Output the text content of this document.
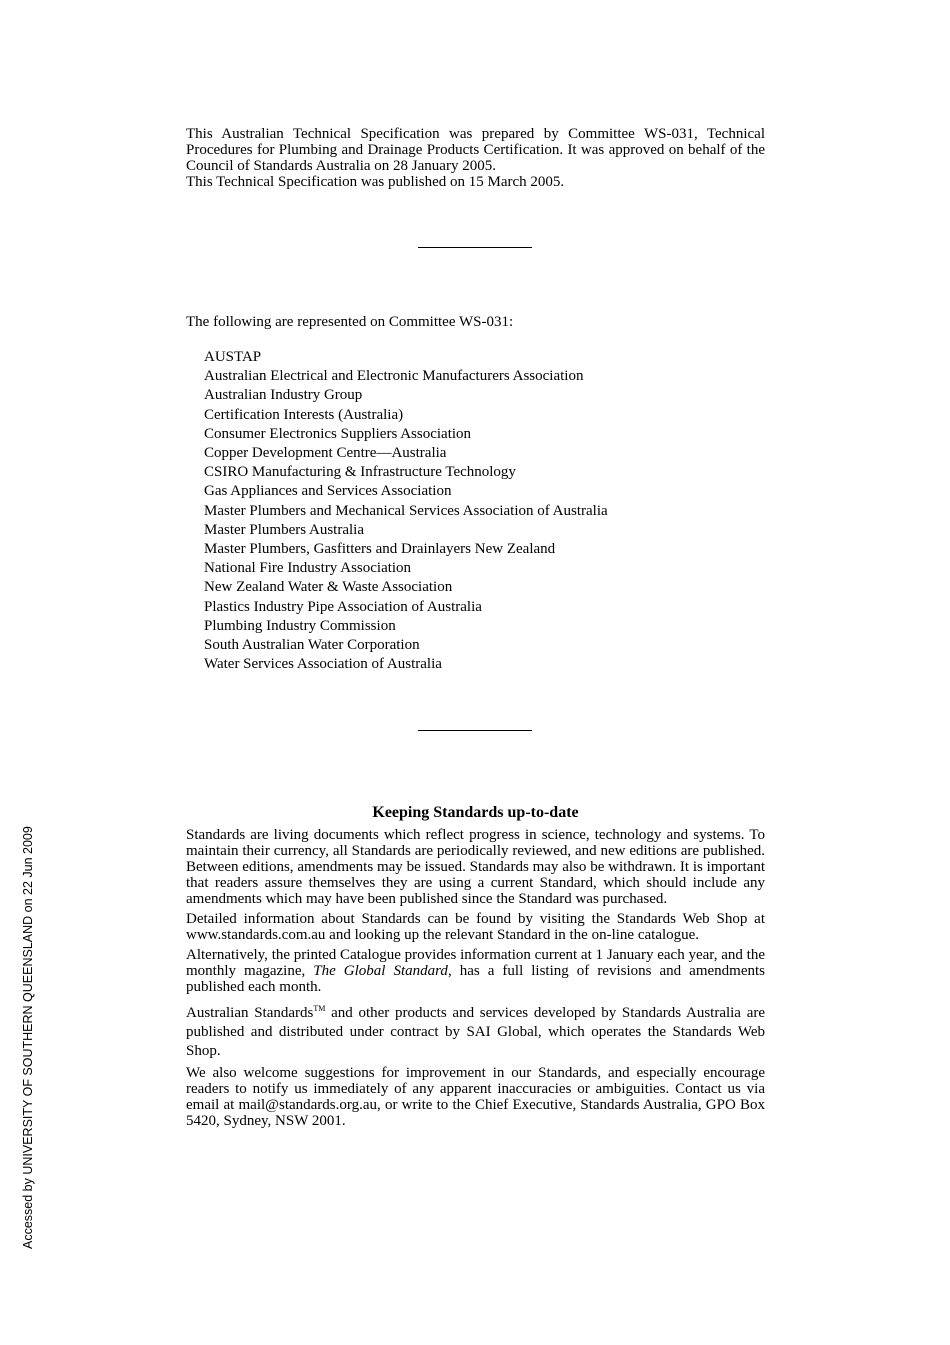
This Australian Technical Specification was prepared by Committee WS-031, Technical Procedures for Plumbing and Drainage Products Certification. It was approved on behalf of the Council of Standards Australia on 28 January 2005.

This Technical Specification was published on 15 March 2005.

The following are represented on Committee WS-031:
AUSTAP
Australian Electrical and Electronic Manufacturers Association
Australian Industry Group
Certification Interests (Australia)
Consumer Electronics Suppliers Association
Copper Development Centre—Australia
CSIRO Manufacturing & Infrastructure Technology
Gas Appliances and Services Association
Master Plumbers and Mechanical Services Association of Australia
Master Plumbers Australia
Master Plumbers, Gasfitters and Drainlayers New Zealand
National Fire Industry Association
New Zealand Water & Waste Association
Plastics Industry Pipe Association of Australia
Plumbing Industry Commission
South Australian Water Corporation
Water Services Association of Australia
Keeping Standards up-to-date

Standards are living documents which reflect progress in science, technology and systems. To maintain their currency, all Standards are periodically reviewed, and new editions are published. Between editions, amendments may be issued. Standards may also be withdrawn. It is important that readers assure themselves they are using a current Standard, which should include any amendments which may have been published since the Standard was purchased.

Detailed information about Standards can be found by visiting the Standards Web Shop at www.standards.com.au and looking up the relevant Standard in the on-line catalogue.

Alternatively, the printed Catalogue provides information current at 1 January each year, and the monthly magazine, The Global Standard, has a full listing of revisions and amendments published each month.

Australian Standards™ and other products and services developed by Standards Australia are published and distributed under contract by SAI Global, which operates the Standards Web Shop.

We also welcome suggestions for improvement in our Standards, and especially encourage readers to notify us immediately of any apparent inaccuracies or ambiguities. Contact us via email at mail@standards.org.au, or write to the Chief Executive, Standards Australia, GPO Box 5420, Sydney, NSW 2001.

Accessed by UNIVERSITY OF SOUTHERN QUEENSLAND on 22 Jun 2009
